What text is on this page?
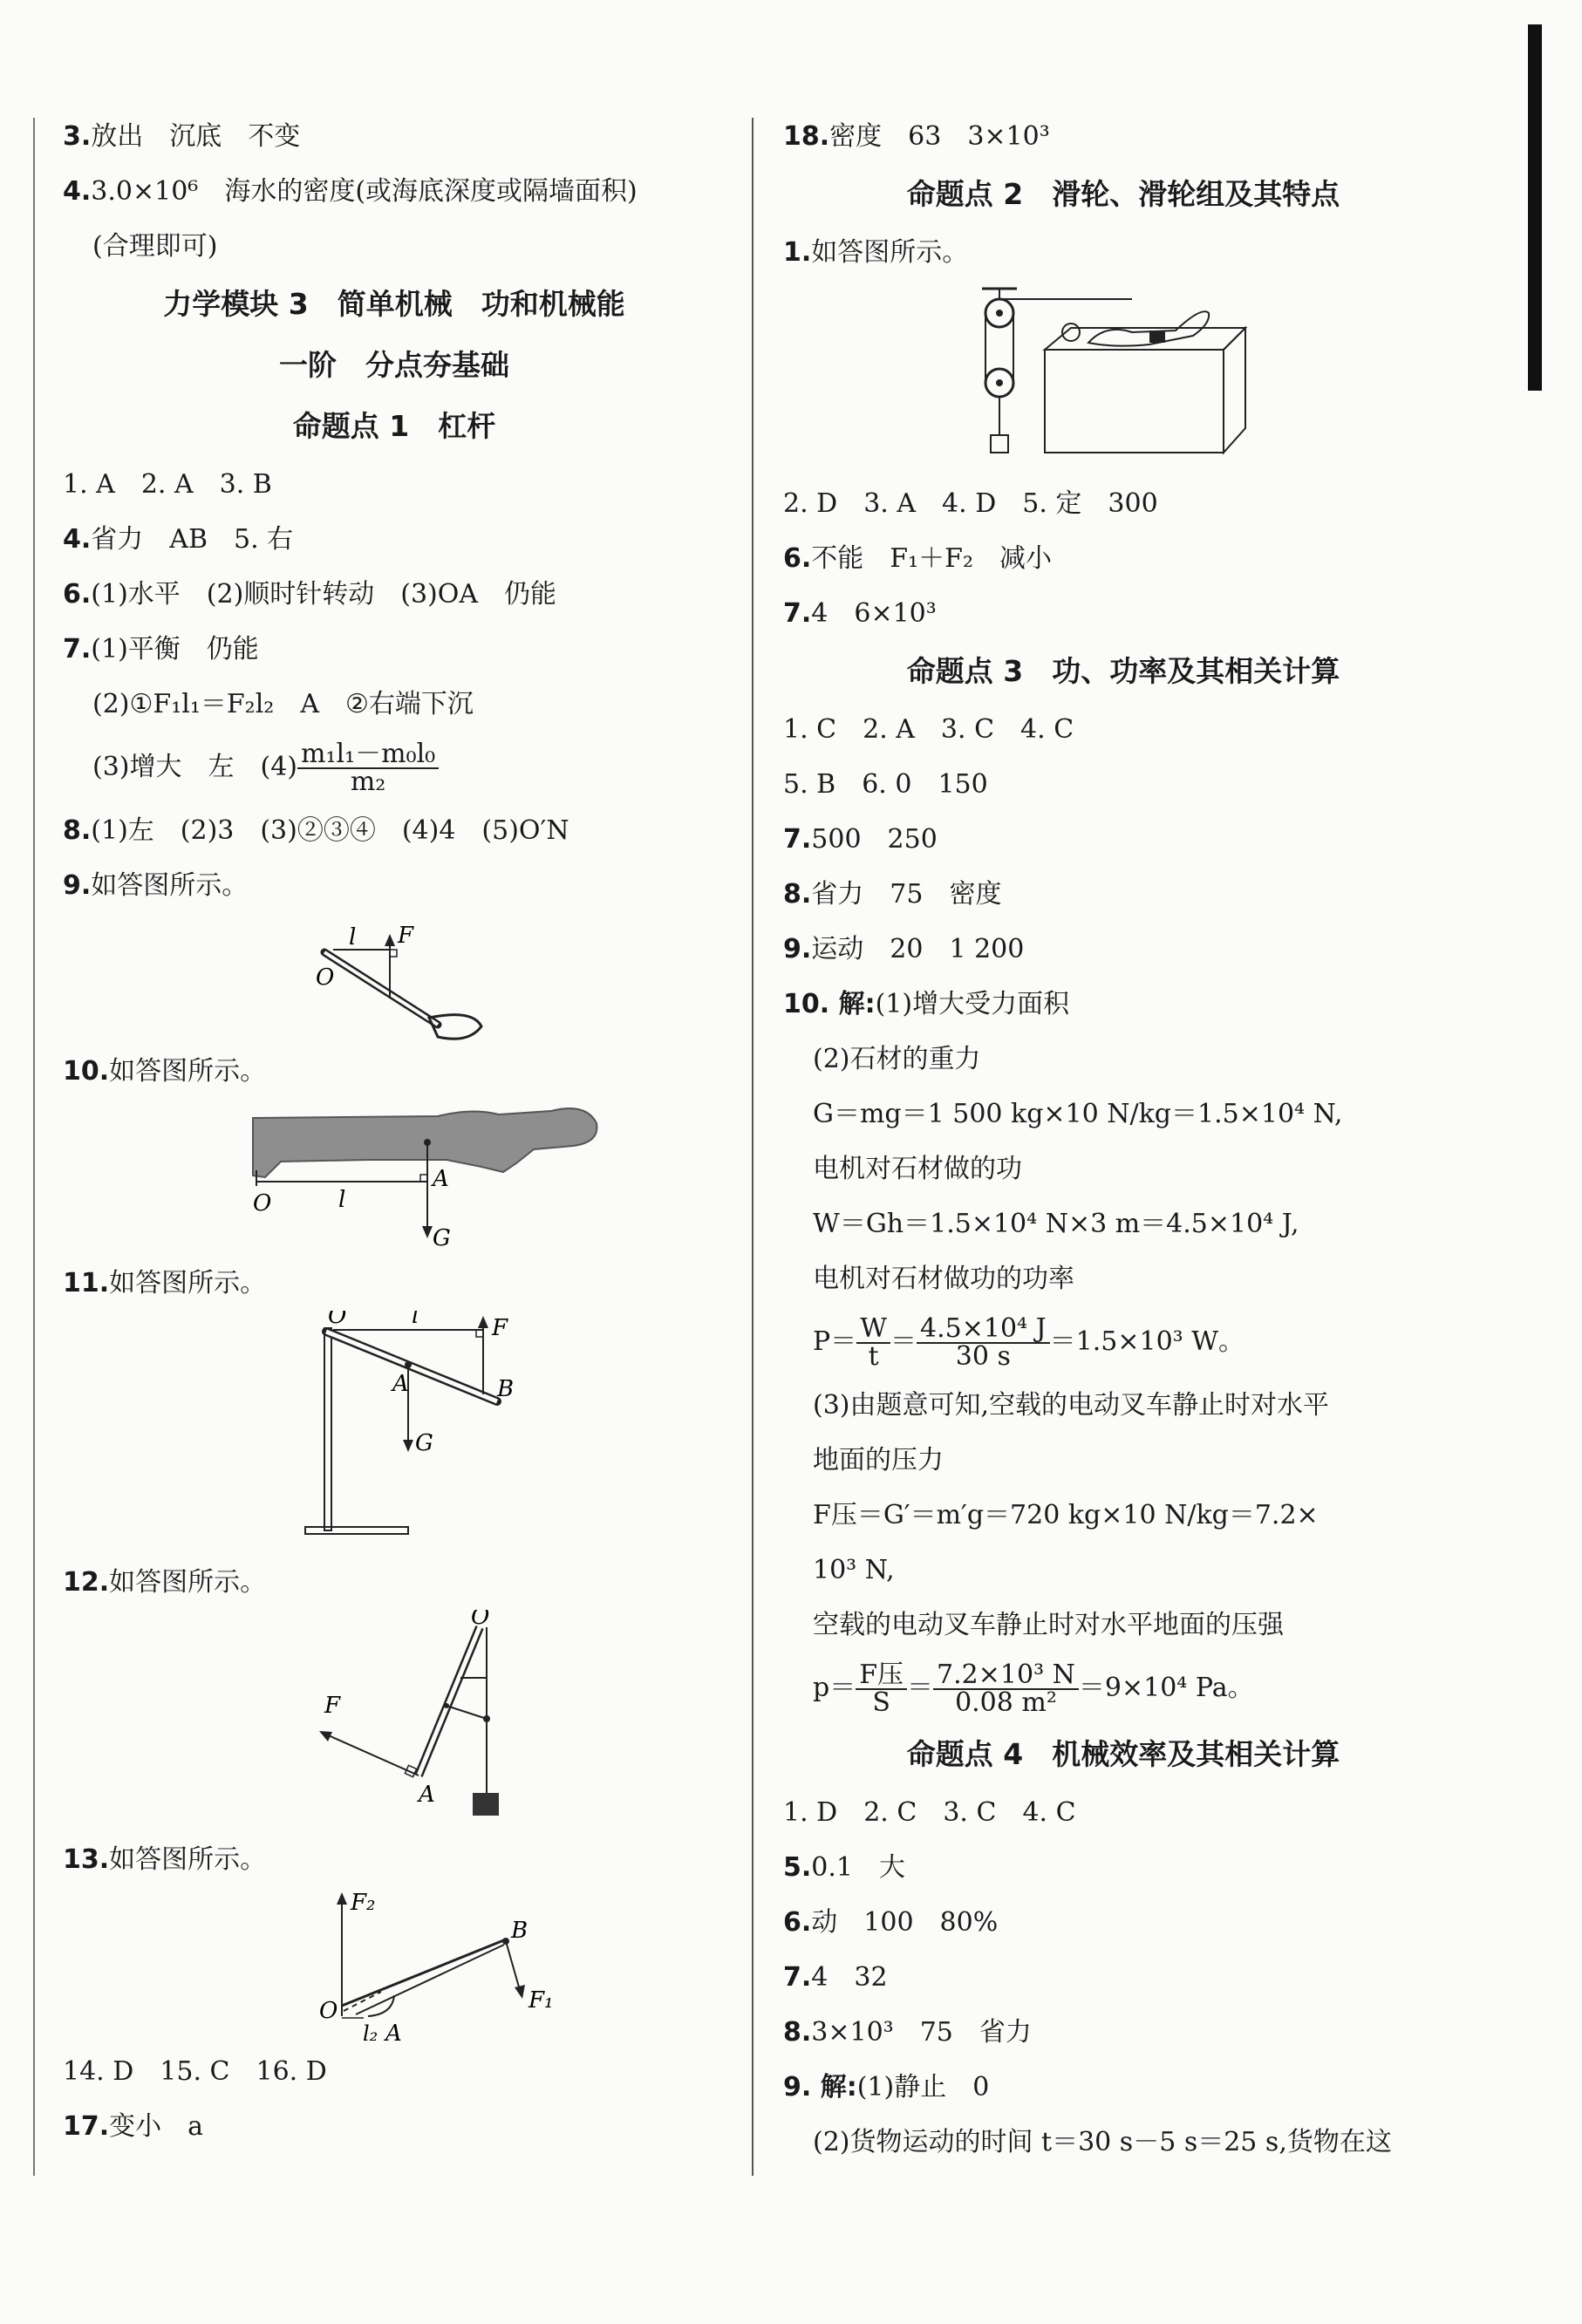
3.放出　沉底　不变
4.3.0×10⁶　海水的密度(或海底深度或隔墙面积)
(合理即可)
力学模块 3　简单机械　功和机械能
一阶　分点夯基础
命题点 1　杠杆
1. A　2. A　3. B
4.省力　AB　5. 右
6.(1)水平　(2)顺时针转动　(3)OA　仍能
7.(1)平衡　仍能
(2)①F₁l₁＝F₂l₂　A　②右端下沉
(3)增大　左　$(4) \frac{\text{m₁l₁－m₀l₀}}{\text{m₂}}$
8.(1)左　(2)3　(3)②③④　(4)4　(5)O′N
9.如答图所示。
l F
O
10.如答图所示。
O	l
A
G
11.如答图所示。
O	l	F
A	B
G
12.如答图所示。
O
F
A
13.如答图所示。
F₂
B
O
l₂ A
F₁
14. D　15. C　16. D
17.变小　a
18.密度　63　3×10³
命题点 2　滑轮、滑轮组及其特点
1.如答图所示。
2. D　3. A　4. D　5. 定　300
6.不能　F₁＋F₂　减小
7.4　6×10³
命题点 3　功、功率及其相关计算
1. C　2. A　3. C　4. C
5. B　6. 0　150
7.500　250
8.省力　75　密度
9.运动　20　1 200
10. 解:(1)增大受力面积
(2)石材的重力
G＝mg＝1 500 kg×10 N/kg＝1.5×10⁴ N,
电机对石材做的功
W＝Gh＝1.5×10⁴ N×3 m＝4.5×10⁴ J,
电机对石材做功的功率
$P= \frac{W}{t} = \frac{\text{4.5×10⁴ J}}{30 s} =1.5\times 10^3$ W。
(3)由题意可知,空载的电动叉车静止时对水平
地面的压力
F压＝G′＝m′g＝720 kg×10 N/kg＝7.2×
10³ N,
空载的电动叉车静止时对水平地面的压强
$p= \frac{\text{F压}}{S} = \frac{\text{7.2×10³ N}}{\text{0.08 m²}} =9\times 10^4$ Pa。
命题点 4　机械效率及其相关计算
1. D　2. C　3. C　4. C
5.0.1　大
6.动　100　80%
7.4　32
8.3×10³　75　省力
9. 解:(1)静止　0
(2)货物运动的时间 t＝30 s－5 s＝25 s,货物在这
